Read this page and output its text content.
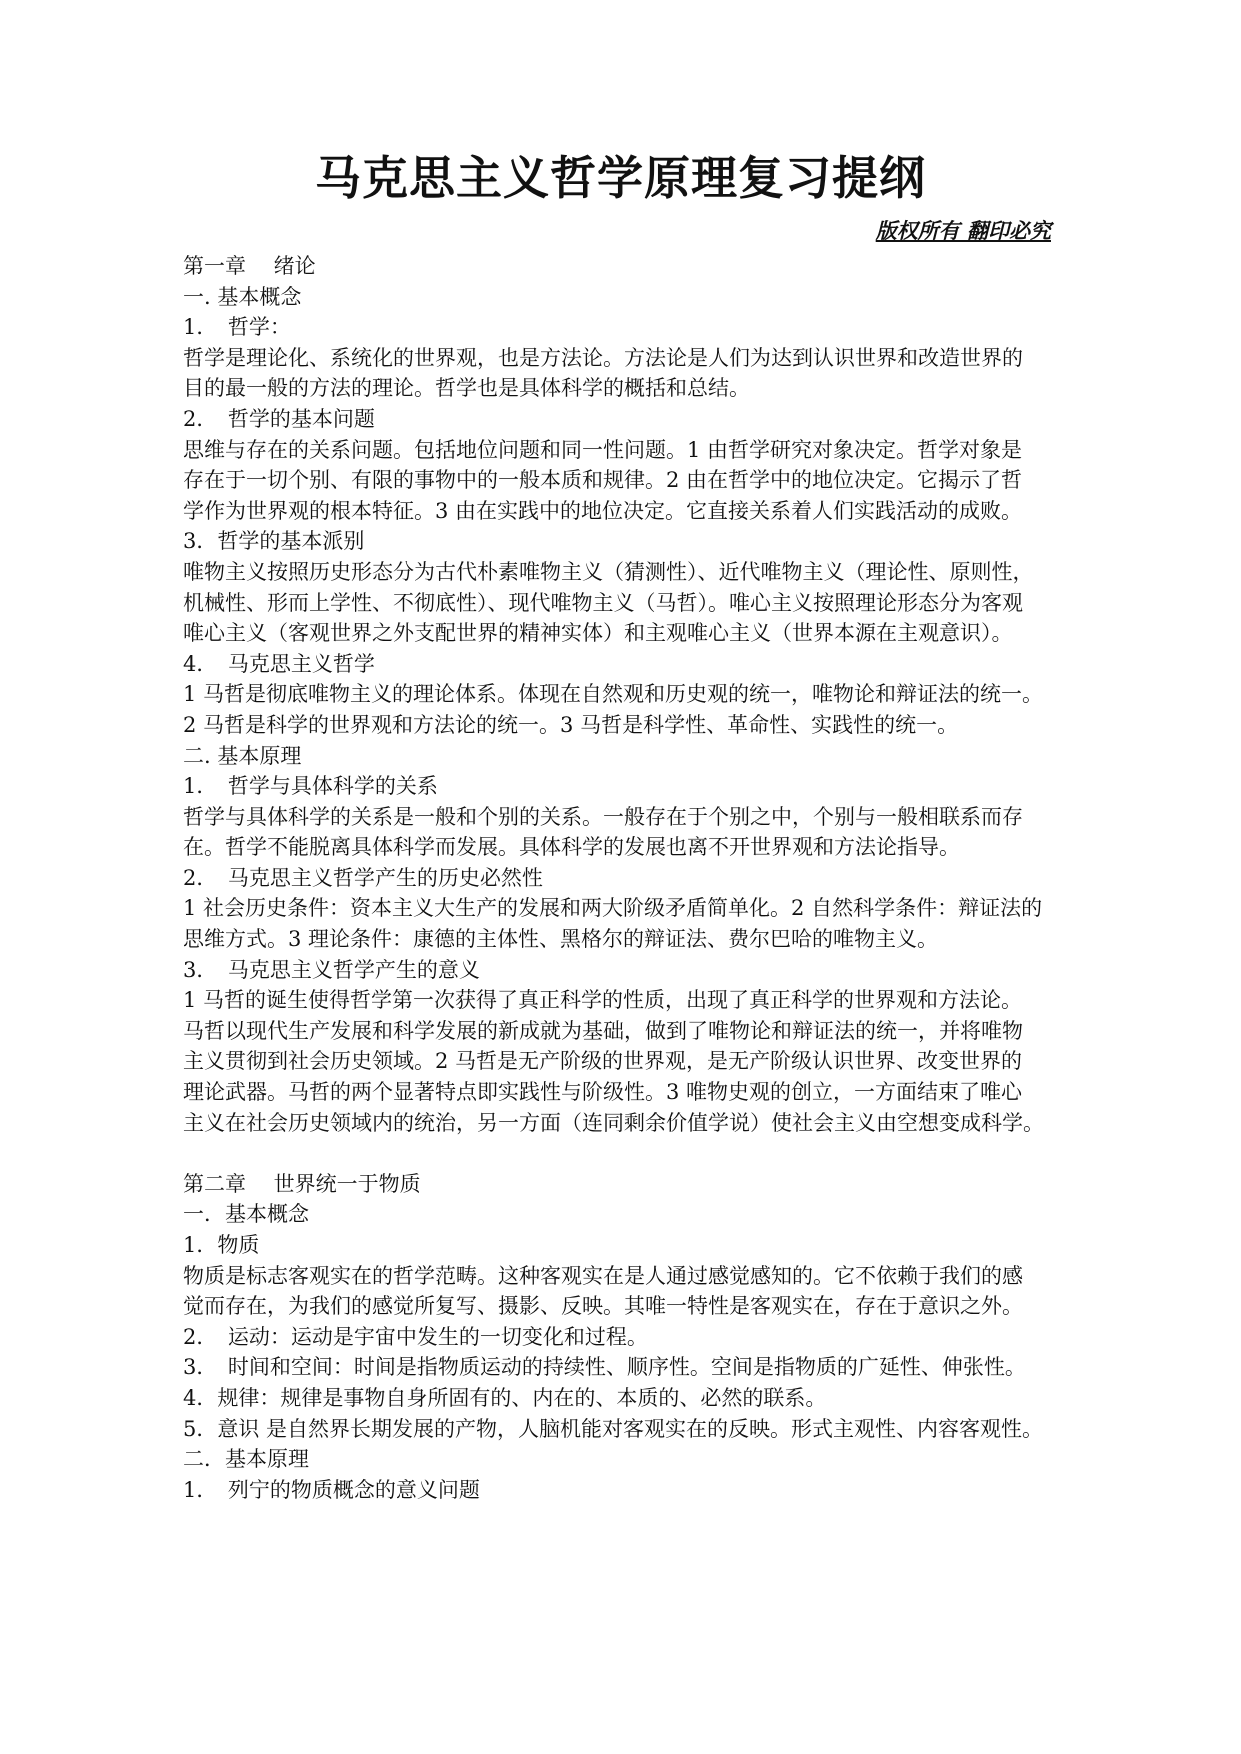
马克思主义哲学原理复习提纲
版权所有 翻印必究
第一章　 绪论
一. 基本概念
1．　哲学：
哲学是理论化、系统化的世界观，也是方法论。方法论是人们为达到认识世界和改造世界的
目的最一般的方法的理论。哲学也是具体科学的概括和总结。
2．　哲学的基本问题
思维与存在的关系问题。包括地位问题和同一性问题。1 由哲学研究对象决定。哲学对象是
存在于一切个别、有限的事物中的一般本质和规律。2 由在哲学中的地位决定。它揭示了哲
学作为世界观的根本特征。3 由在实践中的地位决定。它直接关系着人们实践活动的成败。
3．哲学的基本派别
唯物主义按照历史形态分为古代朴素唯物主义（猜测性）、近代唯物主义（理论性、原则性，
机械性、形而上学性、不彻底性）、现代唯物主义（马哲）。唯心主义按照理论形态分为客观
唯心主义（客观世界之外支配世界的精神实体）和主观唯心主义（世界本源在主观意识）。
4．　马克思主义哲学
1 马哲是彻底唯物主义的理论体系。体现在自然观和历史观的统一，唯物论和辩证法的统一。
2 马哲是科学的世界观和方法论的统一。3 马哲是科学性、革命性、实践性的统一。
二. 基本原理
1．　哲学与具体科学的关系
哲学与具体科学的关系是一般和个别的关系。一般存在于个别之中，个别与一般相联系而存
在。哲学不能脱离具体科学而发展。具体科学的发展也离不开世界观和方法论指导。
2．　马克思主义哲学产生的历史必然性
1 社会历史条件：资本主义大生产的发展和两大阶级矛盾简单化。2 自然科学条件：辩证法的
思维方式。3 理论条件：康德的主体性、黑格尔的辩证法、费尔巴哈的唯物主义。
3．　马克思主义哲学产生的意义
1 马哲的诞生使得哲学第一次获得了真正科学的性质，出现了真正科学的世界观和方法论。
马哲以现代生产发展和科学发展的新成就为基础，做到了唯物论和辩证法的统一，并将唯物
主义贯彻到社会历史领域。2 马哲是无产阶级的世界观，是无产阶级认识世界、改变世界的
理论武器。马哲的两个显著特点即实践性与阶级性。3 唯物史观的创立，一方面结束了唯心
主义在社会历史领域内的统治，另一方面（连同剩余价值学说）使社会主义由空想变成科学。
第二章　 世界统一于物质
一．基本概念
1．物质
物质是标志客观实在的哲学范畴。这种客观实在是人通过感觉感知的。它不依赖于我们的感
觉而存在，为我们的感觉所复写、摄影、反映。其唯一特性是客观实在，存在于意识之外。
2．　运动：运动是宇宙中发生的一切变化和过程。
3．　时间和空间：时间是指物质运动的持续性、顺序性。空间是指物质的广延性、伸张性。
4．规律：规律是事物自身所固有的、内在的、本质的、必然的联系。
5．意识 是自然界长期发展的产物，人脑机能对客观实在的反映。形式主观性、内容客观性。
二．基本原理
1．　列宁的物质概念的意义问题
